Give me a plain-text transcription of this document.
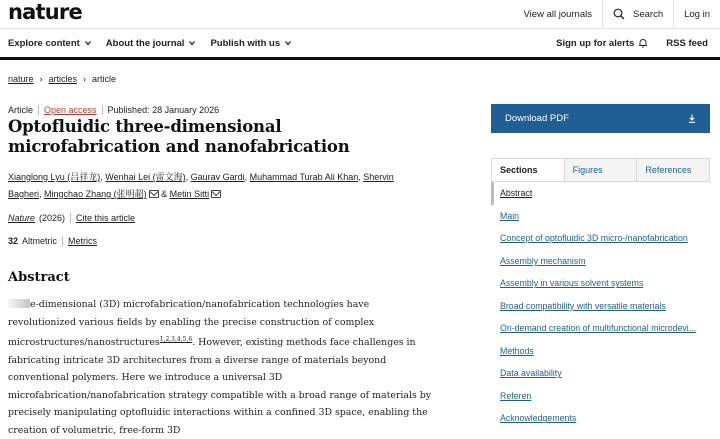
nature	View all journals	Search	Log in
Explore content	About the journal	Publish with us	Sign up for alerts	RSS feed
nature › articles › article
Article Open access Published: 28 January 2026
Optofluidic three-dimensional microfabrication and nanofabrication
Xianglong Lyu (吕祥龙), Wenhai Lei (雷文海), Gaurav Gardi, Muhammad Turab Ali Khan, Shervin Bagheri, Mingchao Zhang (张明超) & Metin Sitti
Nature (2026) Cite this article
32 Altmetric Metrics
Abstract

e-dimensional (3D) microfabrication/nanofabrication technologies have revolutionized various fields by enabling the precise construction of complex microstructures/nanostructures$^{1,2,3,4,5,6}$. However, existing methods face challenges in fabricating intricate 3D architectures from a diverse range of materials beyond conventional polymers. Here we introduce a universal 3D microfabrication/nanofabrication strategy compatible with a broad range of materials by precisely manipulating optofluidic interactions within a confined 3D space, enabling the creation of volumetric, free-form 3D

Download PDF
Sections	Figures	References
Abstract
Main
Concept of optofluidic 3D micro-/nanofabrication
Assembly mechanism
Assembly in various solvent systems
Broad compatibility with versatile materials
On-demand creation of multifunctional microdevi...
Methods
Data availability
Referen
Acknowledgements
